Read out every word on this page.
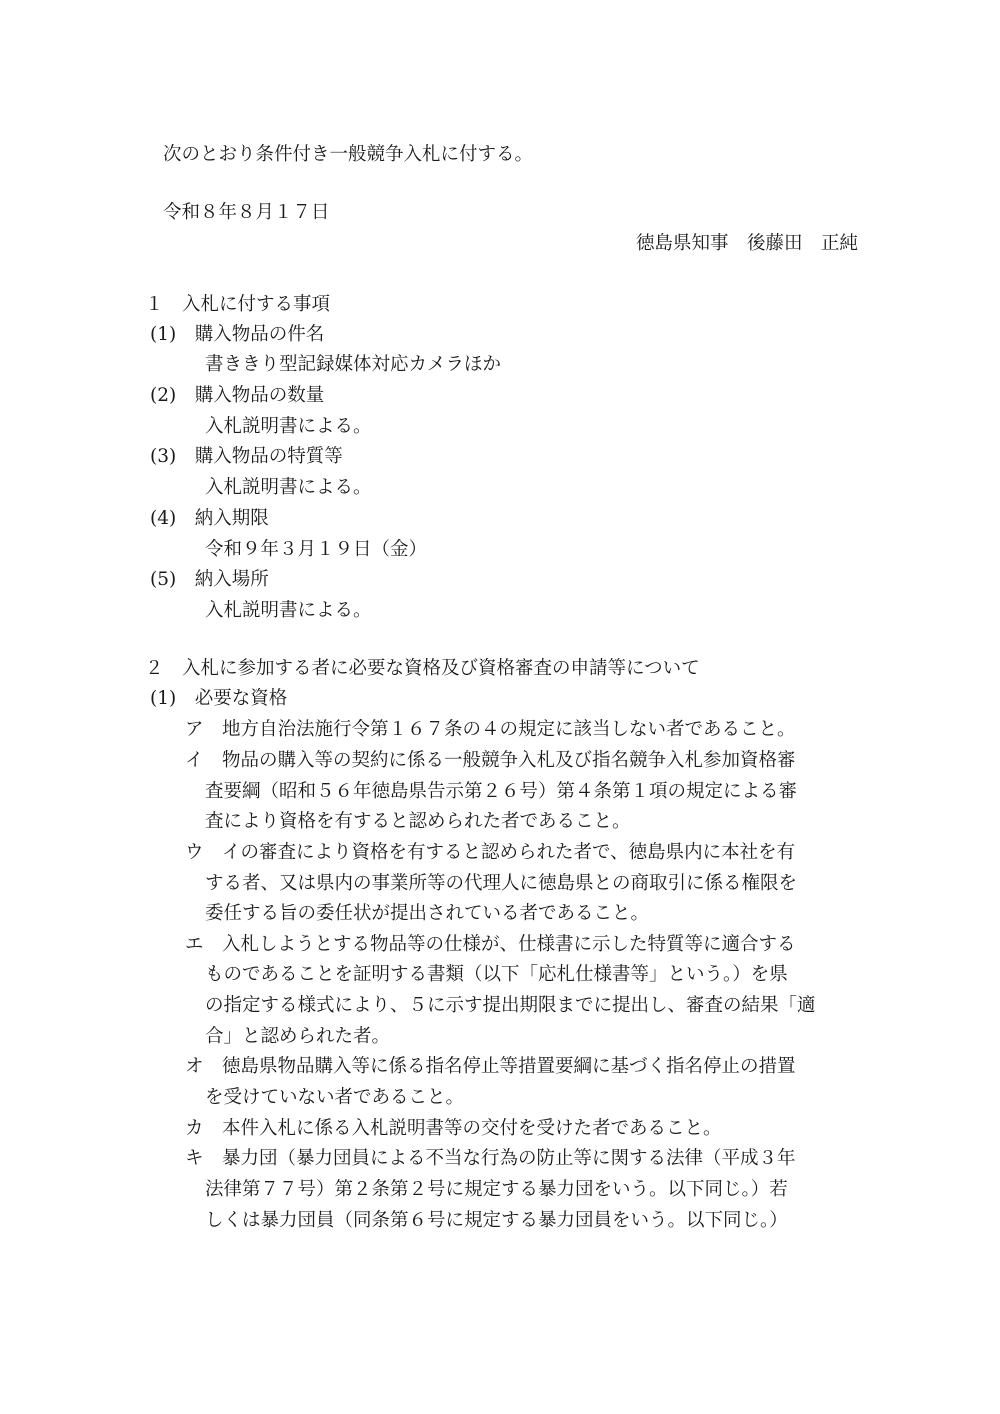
次のとおり条件付き一般競争入札に付する。
令和８年８月１７日
徳島県知事　後藤田　正純
１　入札に付する事項
(1)　購入物品の件名
書ききり型記録媒体対応カメラほか
(2)　購入物品の数量
入札説明書による。
(3)　購入物品の特質等
入札説明書による。
(4)　納入期限
令和９年３月１９日（金）
(5)　納入場所
入札説明書による。
２　入札に参加する者に必要な資格及び資格審査の申請等について
(1)　必要な資格
ア　地方自治法施行令第１６７条の４の規定に該当しない者であること。
イ　物品の購入等の契約に係る一般競争入札及び指名競争入札参加資格審
査要綱（昭和５６年徳島県告示第２６号）第４条第１項の規定による審
査により資格を有すると認められた者であること。
ウ　イの審査により資格を有すると認められた者で、徳島県内に本社を有
する者、又は県内の事業所等の代理人に徳島県との商取引に係る権限を
委任する旨の委任状が提出されている者であること。
エ　入札しようとする物品等の仕様が、仕様書に示した特質等に適合する
ものであることを証明する書類（以下「応札仕様書等」という。）を県
の指定する様式により、５に示す提出期限までに提出し、審査の結果「適
合」と認められた者。
オ　徳島県物品購入等に係る指名停止等措置要綱に基づく指名停止の措置
を受けていない者であること。
カ　本件入札に係る入札説明書等の交付を受けた者であること。
キ　暴力団（暴力団員による不当な行為の防止等に関する法律（平成３年
法律第７７号）第２条第２号に規定する暴力団をいう。以下同じ。）若
しくは暴力団員（同条第６号に規定する暴力団員をいう。以下同じ。）
